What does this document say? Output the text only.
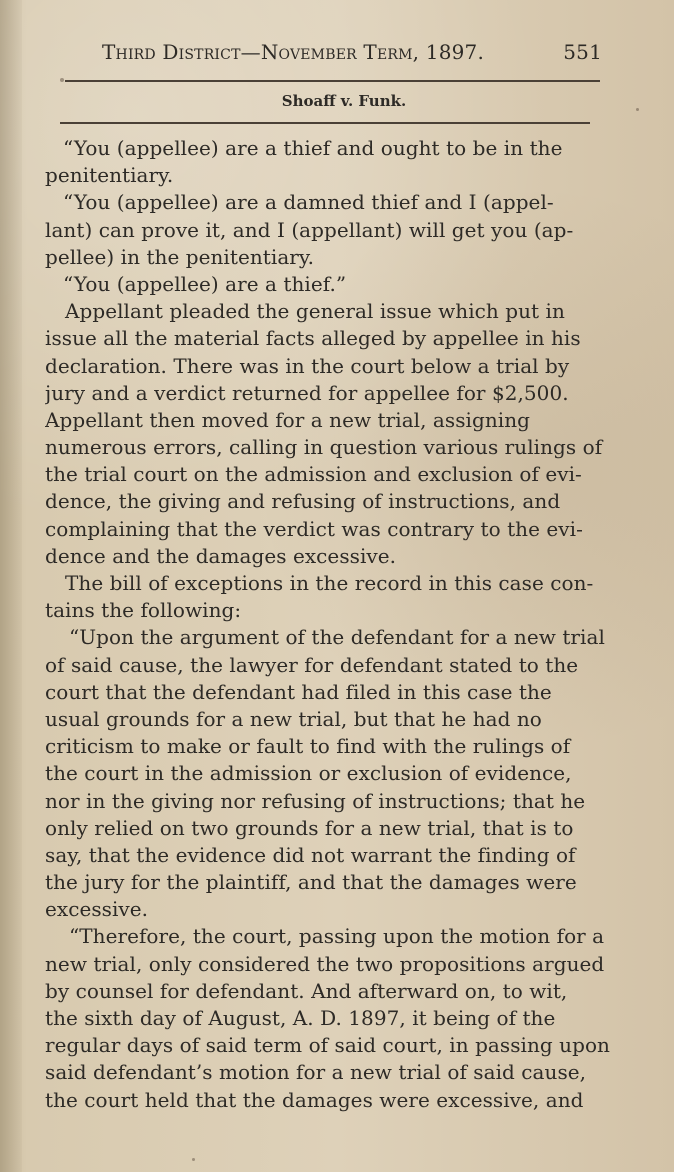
Third District—November Term, 1897.	551
Shoaff v. Funk.
“You (appellee) are a thief and ought to be in the
penitentiary.
“You (appellee) are a damned thief and I (appel-
lant) can prove it, and I (appellant) will get you (ap-
pellee) in the penitentiary.
“You (appellee) are a thief.”
Appellant pleaded the general issue which put in
issue all the material facts alleged by appellee in his
declaration. There was in the court below a trial by
jury and a verdict returned for appellee for $2,500.
Appellant then moved for a new trial, assigning
numerous errors, calling in question various rulings of
the trial court on the admission and exclusion of evi-
dence, the giving and refusing of instructions, and
complaining that the verdict was contrary to the evi-
dence and the damages excessive.
The bill of exceptions in the record in this case con-
tains the following:
“Upon the argument of the defendant for a new trial
of said cause, the lawyer for defendant stated to the
court that the defendant had filed in this case the
usual grounds for a new trial, but that he had no
criticism to make or fault to find with the rulings of
the court in the admission or exclusion of evidence,
nor in the giving nor refusing of instructions; that he
only relied on two grounds for a new trial, that is to
say, that the evidence did not warrant the finding of
the jury for the plaintiff, and that the damages were
excessive.
“Therefore, the court, passing upon the motion for a
new trial, only considered the two propositions argued
by counsel for defendant. And afterward on, to wit,
the sixth day of August, A. D. 1897, it being of the
regular days of said term of said court, in passing upon
said defendant’s motion for a new trial of said cause,
the court held that the damages were excessive, and
